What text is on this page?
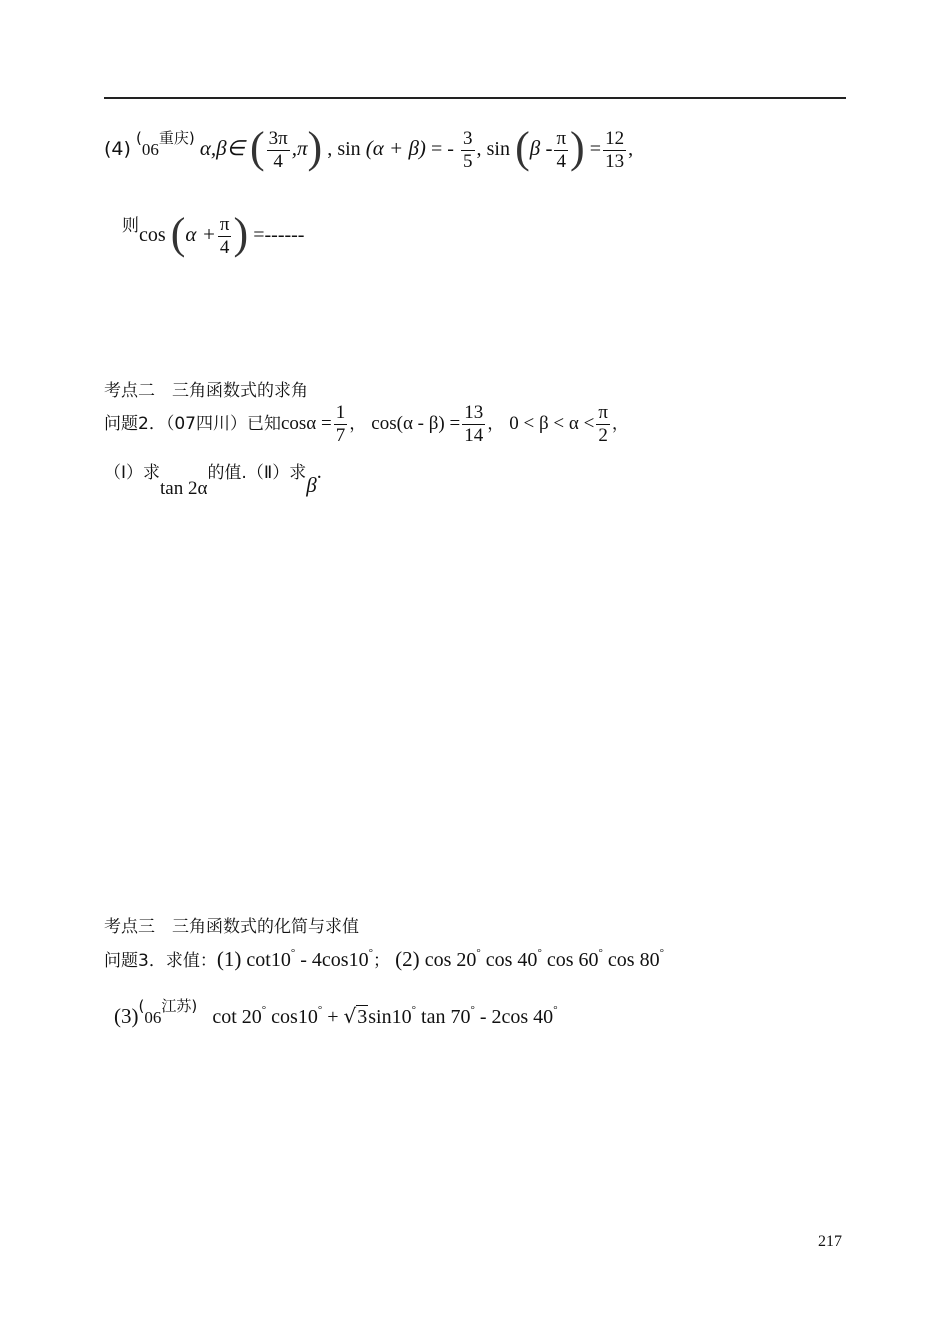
(4) (06重庆) α,β∈ ( $\frac{3\pi}{4} ,\pi$) , sin (α + β) = - $\frac{3}{5}$ , $\sin (\beta - \frac{\pi}{4}$ ) = $\frac{12}{13}$ ,
则$\cos (\alpha + \frac{\pi}{4}$ ) =------
考点二　三角函数式的求角
问题2．（07四川）已知$\cos\alpha = \frac{1}{7}$ ， $\cos(\alpha - \beta) = \frac{13}{14}$ ， $0 < \beta < \alpha < \frac{\pi}{2}$ ，
（Ⅰ）求tan 2α的值.（Ⅱ）求β.
考点三　三角函数式的化简与求值
问题3．求值：(1) cot10° - 4cos10°； (2) cos 20° cos 40° cos 60° cos 80°
(3)(06江苏) cot 20° cos10° + √3sin10° tan 70° - 2cos 40°
217
